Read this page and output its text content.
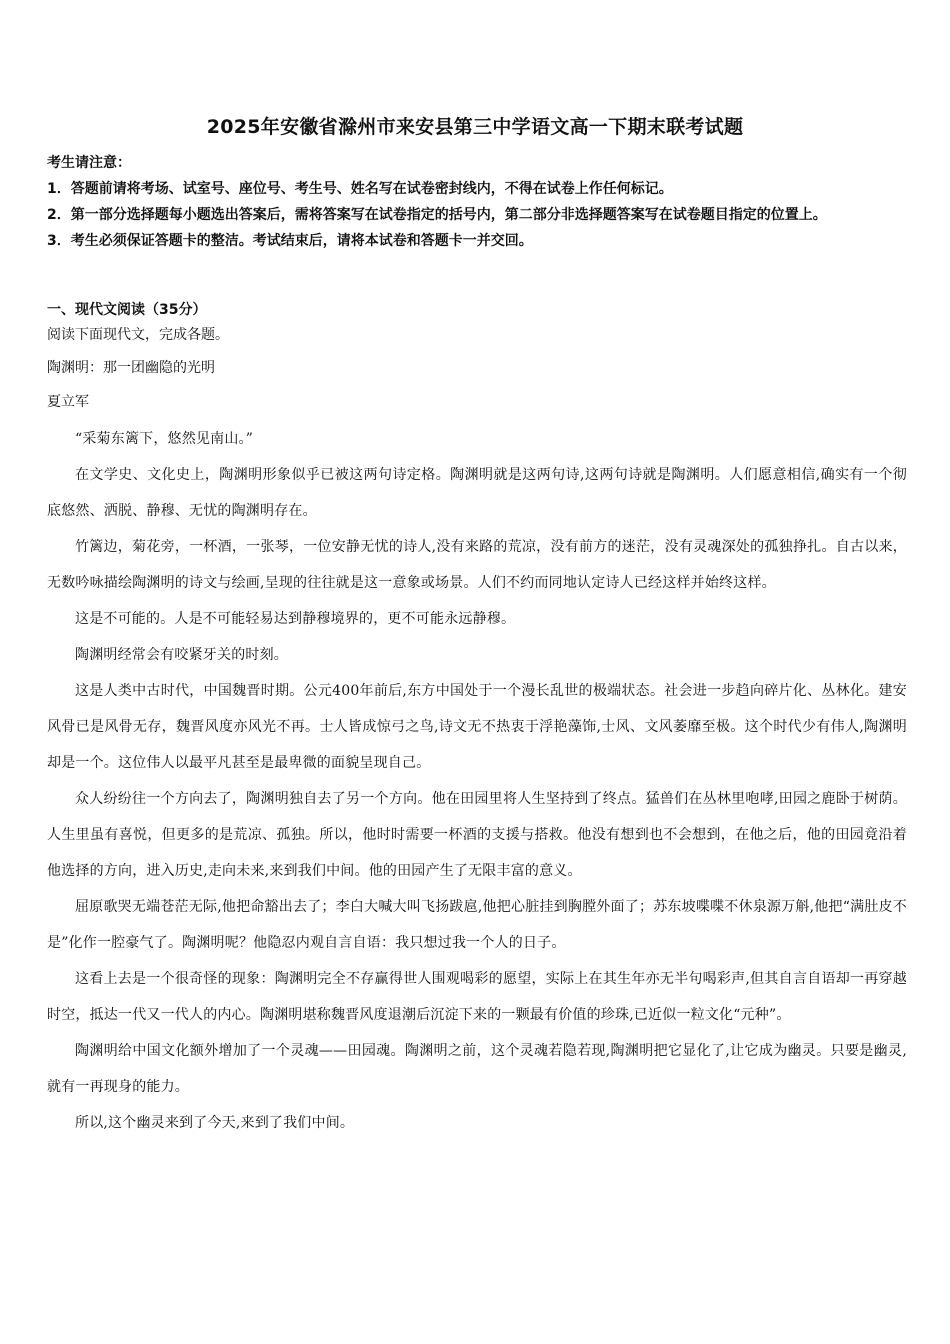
2025年安徽省滁州市来安县第三中学语文高一下期末联考试题

考生请注意：

1．答题前请将考场、试室号、座位号、考生号、姓名写在试卷密封线内，不得在试卷上作任何标记。

2．第一部分选择题每小题选出答案后，需将答案写在试卷指定的括号内，第二部分非选择题答案写在试卷题目指定的位置上。

3．考生必须保证答题卡的整洁。考试结束后，请将本试卷和答题卡一并交回。

一、现代文阅读（35分）
阅读下面现代文，完成各题。
陶渊明：那一团幽隐的光明
夏立军

“采菊东篱下，悠然见南山。”

在文学史、文化史上，陶渊明形象似乎已被这两句诗定格。陶渊明就是这两句诗,这两句诗就是陶渊明。人们愿意相信,确实有一个彻底悠然、洒脱、静穆、无忧的陶渊明存在。

竹篱边，菊花旁，一杯酒，一张琴，一位安静无忧的诗人,没有来路的荒凉，没有前方的迷茫，没有灵魂深处的孤独挣扎。自古以来，无数吟咏描绘陶渊明的诗文与绘画,呈现的往往就是这一意象或场景。人们不约而同地认定诗人已经这样并始终这样。

这是不可能的。人是不可能轻易达到静穆境界的，更不可能永远静穆。

陶渊明经常会有咬紧牙关的时刻。

这是人类中古时代，中国魏晋时期。公元400年前后,东方中国处于一个漫长乱世的极端状态。社会进一步趋向碎片化、丛林化。建安风骨已是风骨无存，魏晋风度亦风光不再。士人皆成惊弓之鸟,诗文无不热衷于浮艳藻饰,士风、文风萎靡至极。这个时代少有伟人,陶渊明却是一个。这位伟人以最平凡甚至是最卑微的面貌呈现自己。

众人纷纷往一个方向去了，陶渊明独自去了另一个方向。他在田园里将人生坚持到了终点。猛兽们在丛林里咆哮,田园之鹿卧于树荫。人生里虽有喜悦，但更多的是荒凉、孤独。所以，他时时需要一杯酒的支援与搭救。他没有想到也不会想到，在他之后，他的田园竟沿着他选择的方向，进入历史,走向未来,来到我们中间。他的田园产生了无限丰富的意义。

屈原歌哭无端苍茫无际,他把命豁出去了；李白大喊大叫飞扬跋扈,他把心脏挂到胸膛外面了；苏东坡喋喋不休泉源万斛,他把“满肚皮不是”化作一腔豪气了。陶渊明呢？他隐忍内观自言自语：我只想过我一个人的日子。

这看上去是一个很奇怪的现象：陶渊明完全不存赢得世人围观喝彩的愿望，实际上在其生年亦无半句喝彩声,但其自言自语却一再穿越时空，抵达一代又一代人的内心。陶渊明堪称魏晋风度退潮后沉淀下来的一颗最有价值的珍珠,已近似一粒文化“元种”。

陶渊明给中国文化额外增加了一个灵魂——田园魂。陶渊明之前，这个灵魂若隐若现,陶渊明把它显化了,让它成为幽灵。只要是幽灵,就有一再现身的能力。

所以,这个幽灵来到了今天,来到了我们中间。
